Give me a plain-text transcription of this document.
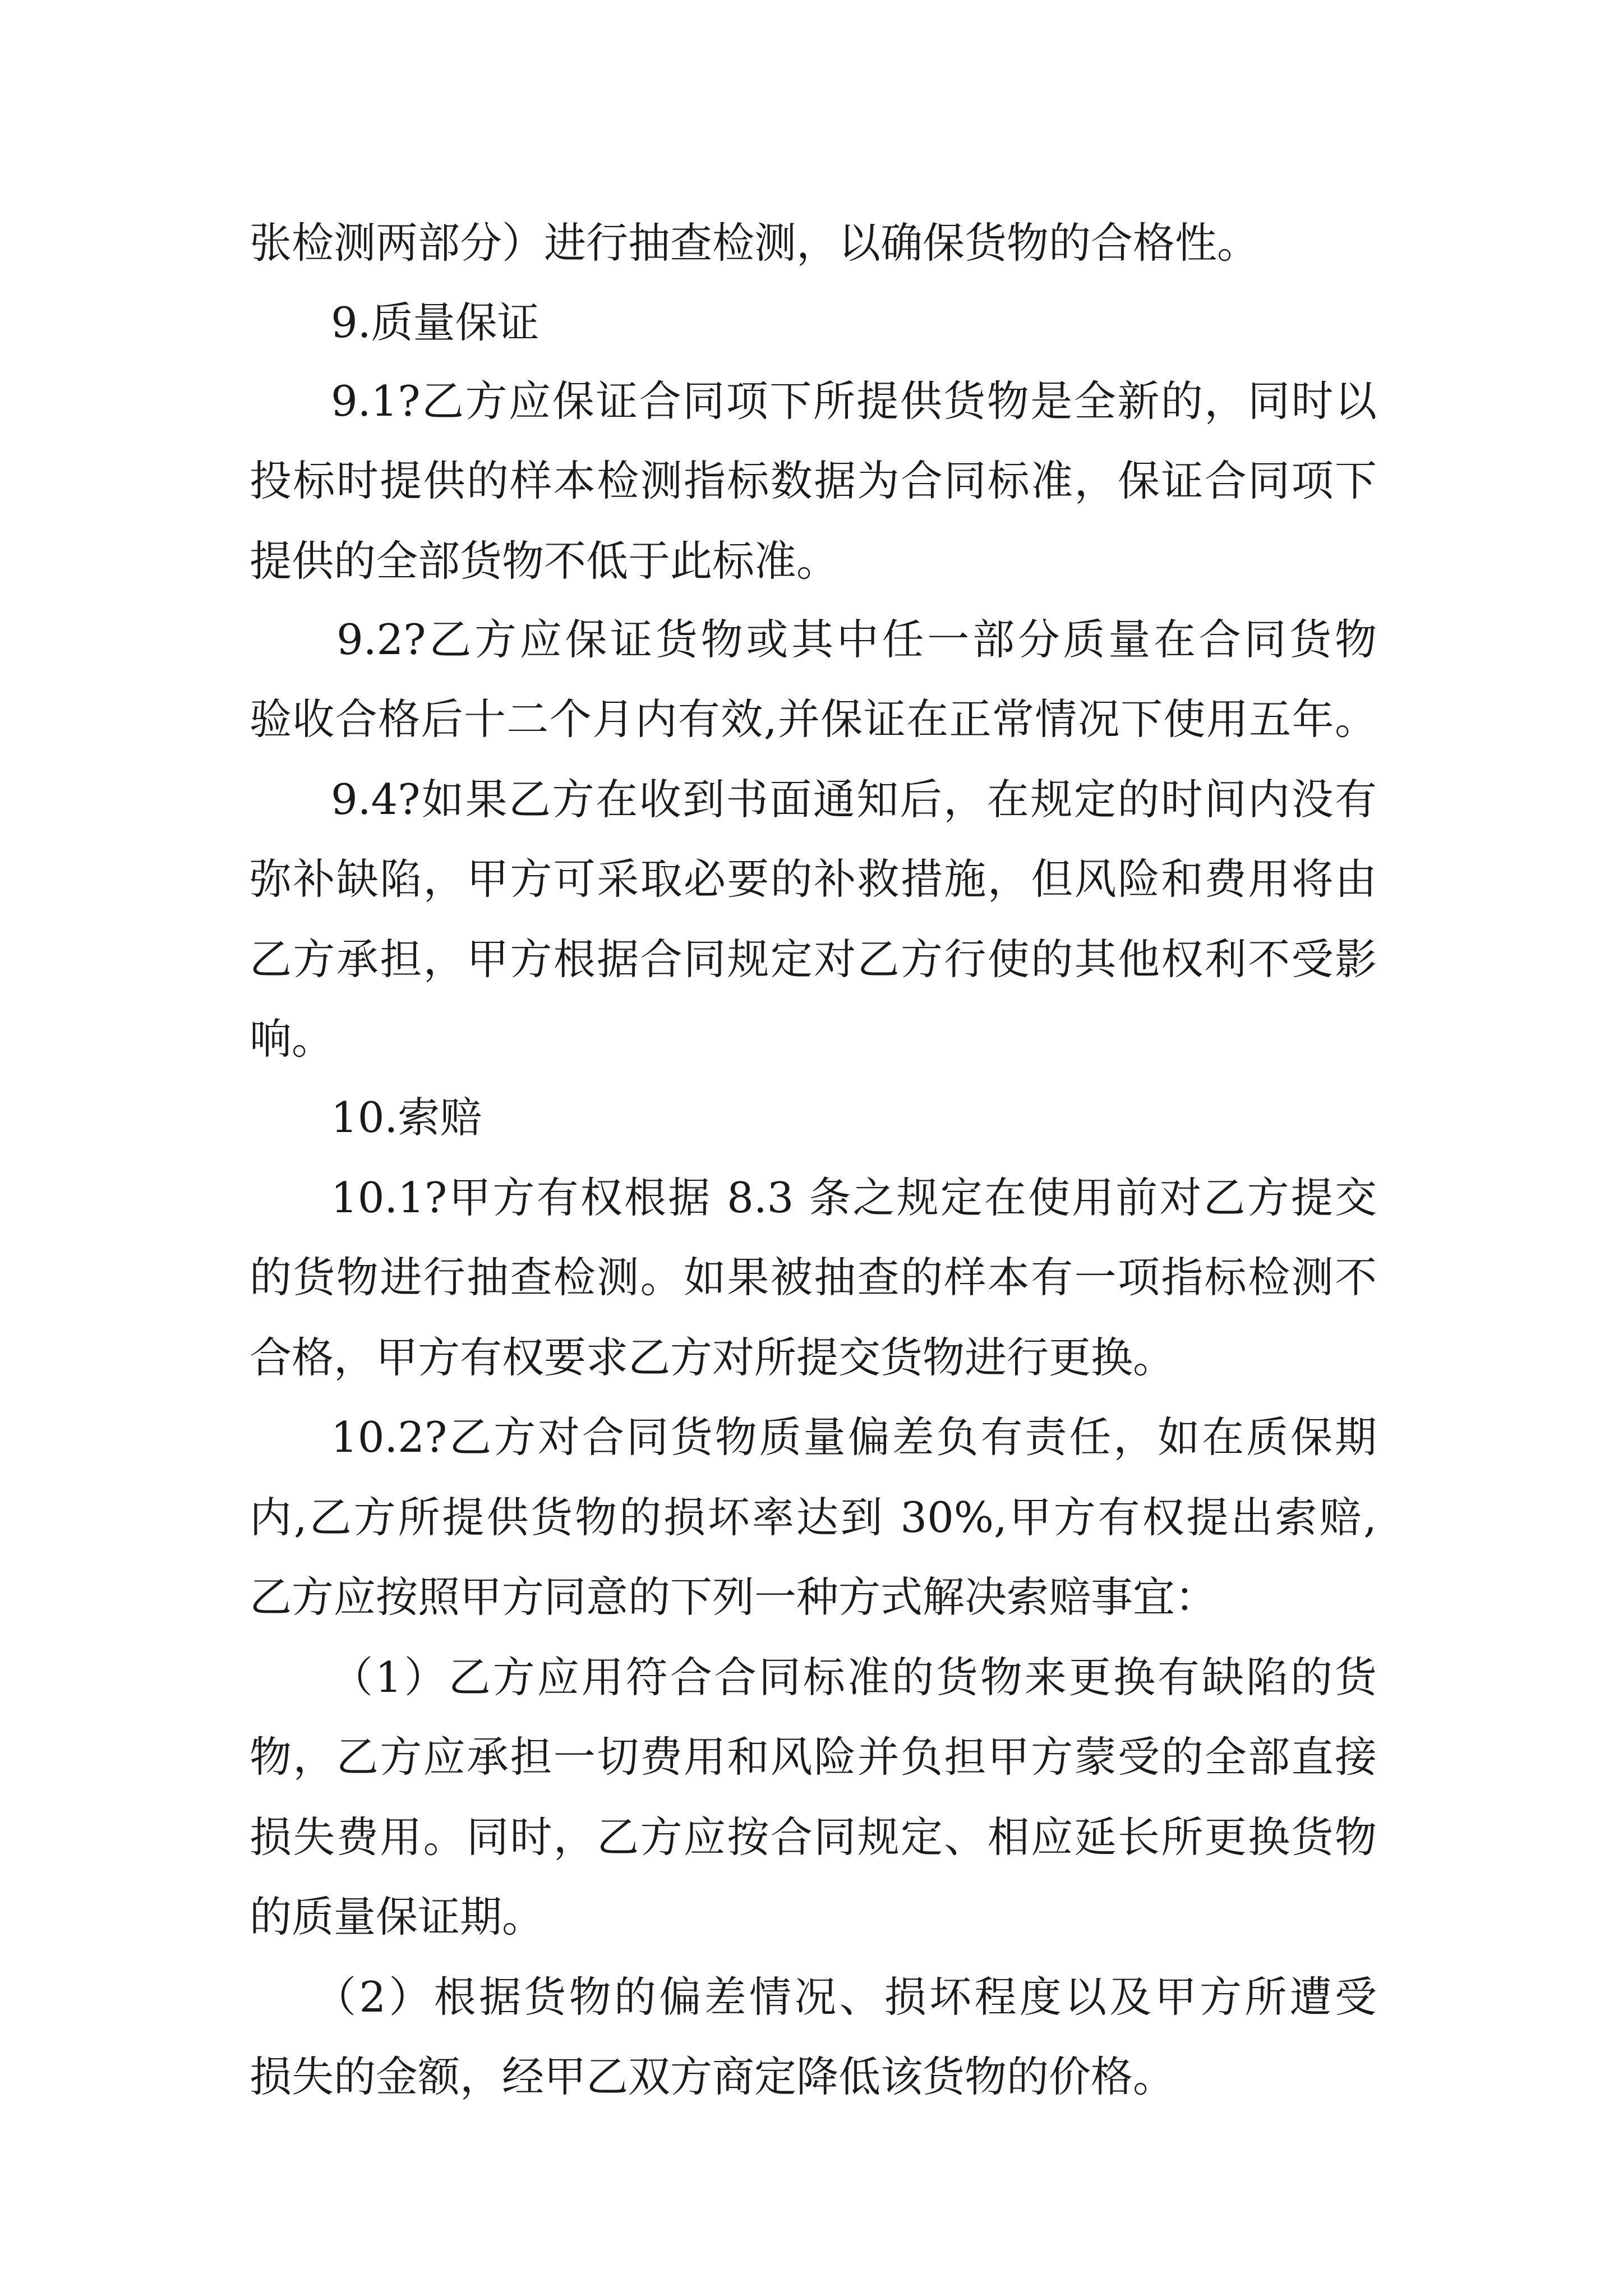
张检测两部分）进行抽查检测，以确保货物的合格性。
9.质量保证
9.1?乙方应保证合同项下所提供货物是全新的，同时以
投标时提供的样本检测指标数据为合同标准，保证合同项下
提供的全部货物不低于此标准。
9.2?乙方应保证货物或其中任一部分质量在合同货物
验收合格后十二个月内有效,并保证在正常情况下使用五年。
9.4?如果乙方在收到书面通知后，在规定的时间内没有
弥补缺陷，甲方可采取必要的补救措施，但风险和费用将由
乙方承担，甲方根据合同规定对乙方行使的其他权利不受影
响。
10.索赔
10.1?甲方有权根据 8.3 条之规定在使用前对乙方提交
的货物进行抽查检测。如果被抽查的样本有一项指标检测不
合格，甲方有权要求乙方对所提交货物进行更换。
10.2?乙方对合同货物质量偏差负有责任，如在质保期
内,乙方所提供货物的损坏率达到 30%,甲方有权提出索赔,
乙方应按照甲方同意的下列一种方式解决索赔事宜：
（1）乙方应用符合合同标准的货物来更换有缺陷的货
物，乙方应承担一切费用和风险并负担甲方蒙受的全部直接
损失费用。同时，乙方应按合同规定、相应延长所更换货物
的质量保证期。
（2）根据货物的偏差情况、损坏程度以及甲方所遭受
损失的金额，经甲乙双方商定降低该货物的价格。
